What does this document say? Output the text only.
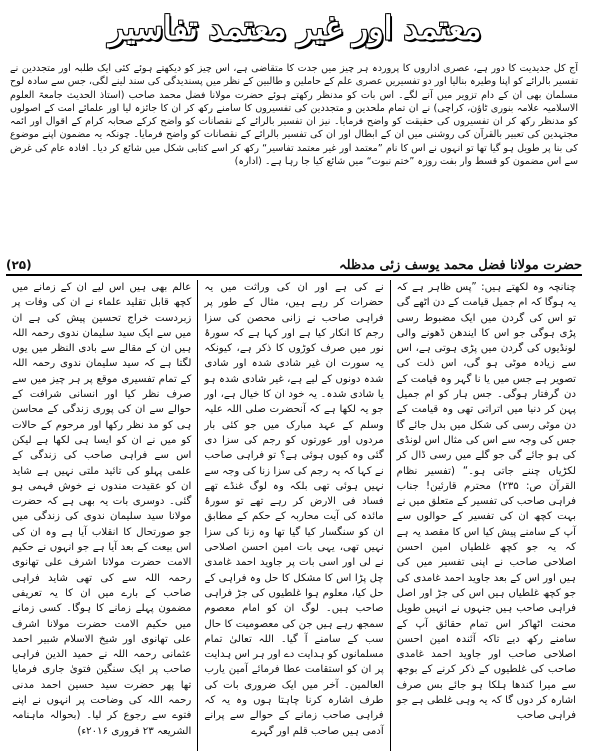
معتمد اور غیر معتمد تفاسیر
آج کل جدیدیت کا دور ہے، عصری اداروں کا پروردہ ہر چیز میں جدت کا متقاضی ہے، اس چیز کو دیکھتے ہوئے کئی ایک طلبہ اور متجددین نے تفسیر بالرائے کو اپنا وطیرہ بنالیا اور دو تفسیریں عصری علم کے حاملین و طالبین کے نظر میں پسندیدگی کی سند لینے لگی، جس سے سادہ لوح مسلمان بھی ان کے دام تزویر میں آنے لگے۔ اس بات کو مدنظر رکھتے ہوئے حضرت مولانا فضل محمد صاحب (استاذ الحدیث جامعۃ العلوم الاسلامیہ علامہ بنوری ٹاؤن، کراچی) نے ان تمام ملحدین و متجددین کی تفسیروں کا سامنے رکھ کر ان کا جائزہ لیا اور علمائے امت کے اصولوں کو مدنظر رکھ کر ان تفسیروں کی حقیقت کو واضح فرمایا۔ نیز ان تفسیر بالرائے کے نقصانات کو واضح کرکے صحابہ کرام کے اقوال اور ائمہ مجتہدین کی تعبیر بالقرآن کی روشنی میں ان کے ابطال اور ان کی تفسیر بالرائے کے نقصانات کو واضح فرمایا۔ چونکہ یہ مضمون اپنے موضوع کی بنا پر طویل ہو گیا تھا تو انہوں نے اس کا نام ”معتمد اور غیر معتمد تفاسیر“ رکھ کر اسے کتابی شکل میں شائع کر دیا۔ افادہ عام کی غرض سے اس مضمون کو قسط وار بفت روزہ ”ختم نبوت“ میں شائع کیا جا رہا ہے۔ (ادارہ)
حضرت مولانا فضل محمد یوسف زئی مدظلہ
(۲۵)

چنانچہ وہ لکھتے ہیں: ”پس ظاہر ہے کہ یہ ہوگا کہ ام جمیل قیامت کے دن اٹھے گی تو اس کی گردن میں ایک مضبوط رسی پڑی ہوگی جو اس کا ایندھن ڈھونے والی لونڈیوں کی گردن میں پڑی ہوتی ہے، اس سے زیادہ موٹی ہو گی، اس ذلت کی تصویر ہے جس میں یا نا گہر وہ قیامت کے دن گرفتار ہوگی۔ جس ہار کو ام جمیل پہن کر دنیا میں اتراتی تھی وہ قیامت کے دن موٹی رسی کی شکل میں بدل جائے گا جس کی وجہ سے اس کی مثال اس لونڈی کی ہو جائے گی جو گلے میں رسی ڈال کر لکڑیاں چننے جاتی ہو۔“ (تفسیر نظام القرآن ص: ۲۳۵) محترم قارئین! جناب فراہی صاحب کی تفسیر کے متعلق میں نے بہت کچھ ان کی تفسیر کے حوالوں سے آپ کے سامنے پیش کیا اس کا مقصد یہ ہے کہ یہ جو کچھ غلطیاں امین احسن اصلاحی صاحب نے اپنی تفسیر میں کی ہیں اور اس کے بعد جاوید احمد غامدی کی جو کچھ غلطیاں ہیں اس کی جڑ اور اصل فراہی صاحب ہیں جنہوں نے انہیں طویل محنت اٹھاکر اس تمام حقائق آپ کے سامنے رکھ دیے تاکہ آئندہ امین احسن اصلاحی صاحب اور جاوید احمد غامدی صاحب کی غلطیوں کے ذکر کرنے کے بوجھ سے میرا کندھا ہلکا ہو جائے بس صرف اشارہ کر دوں گا کہ یہ وہی غلطی ہے جو فراہی صاحب

نے کی ہے اور ان کی وراثت میں یہ حضرات کر رہے ہیں، مثال کے طور پر فراہی صاحب نے زانی محصن کی سزا رجم کا انکار کیا ہے اور کہا ہے کہ سورۂ نور میں صرف کوڑوں کا ذکر ہے، کیونکہ یہ سورت ان غیر شادی شدہ اور شادی شدہ دونوں کے لیے ہے، غیر شادی شدہ ہو یا شادی شدہ۔ یہ خود ان کا خیال ہے، اور جو یہ لکھا ہے کہ آنحضرت صلی اللہ علیہ وسلم کے عہد مبارک میں جو کئی بار مردوں اور عورتوں کو رجم کی سزا دی گئی وہ کیوں ہوئی ہے؟ تو فراہی صاحب نے کہا کہ یہ رجم کی سزا زنا کی وجہ سے نہیں ہوئی تھی بلکہ وہ لوگ غنڈے تھے فساد فی الارض کر رہے تھے تو سورۂ مائدہ کی آیت محاربہ کے حکم کے مطابق ان کو سنگسار کیا گیا تھا وہ زنا کی سزا نہیں تھی، یہی بات امین احسن اصلاحی نے لی اور اسی بات پر جاوید احمد غامدی چل پڑا اس کا مشکل کا حل وہ فراہی کے حل کیا، معلوم ہوا غلطیوں کی جڑ فراہی صاحب ہیں۔ لوگ ان کو امام معصوم سمجھ رہے ہیں جن کی معصومیت کا حال سب کے سامنے آ گیا۔ اللہ تعالیٰ تمام مسلمانوں کو ہدایت دے اور ہر اس ہدایت پر ان کو استقامت عطا فرمائے آمین یارب العالمین۔ آخر میں ایک ضروری بات کی طرف اشارہ کرنا چاہتا ہوں وہ یہ کہ فراہی صاحب زمانے کے حوالے سے پرانے آدمی ہیں صاحب قلم اور گہرے

عالم بھی ہیں اس لیے ان کے زمانے میں کچھ قابل تقلید علماء نے ان کی وفات پر زبردست خراج تحسین پیش کی ہے ان میں سے ایک سید سلیمان ندوی رحمہ اللہ ہیں ان کے مقالے سے بادی النظر میں یوں لگتا ہے کہ سید سلیمان ندوی رحمہ اللہ کے تمام تفسیری موقع پر ہر چیز میں سے صرف نظر کیا اور انسانی شرافت کے حوالے سے ان کی پوری زندگی کے محاسن ہی کو مد نظر رکھا اور مرحوم کے حالات کو میں نے ان کو ایسا ہی لکھا ہے لیکن اس سے فراہی صاحب کی زندگی کے علمی پہلو کی تائید ملتی نہیں ہے شاید ان کو عقیدت مندوں نے خوش فہمی ہو گئی۔ دوسری بات یہ بھی ہے کہ حضرت مولانا سید سلیمان ندوی کی زندگی میں جو صورتحال کا انقلاب آیا ہے وہ ان کی اس بیعت کے بعد آیا ہے جو انہوں نے حکیم الامت حضرت مولانا اشرف علی تھانوی رحمہ اللہ سے کی تھی شاید فراہی صاحب کے بارے میں ان کا یہ تعریفی مضمون پہلے زمانے کا ہوگا۔ کسی زمانے میں حکیم الامت حضرت مولانا اشرف علی تھانوی اور شیخ الاسلام شبیر احمد عثمانی رحمہ اللہ نے حمید الدین فراہی صاحب پر ایک سنگین فتویٰ جاری فرمایا تھا پھر حضرت سید حسین احمد مدنی رحمہ اللہ کی وضاحت پر انہوں نے اپنے فتوے سے رجوع کر لیا۔ (بحوالہ ماہنامہ الشریعہ ۲۳ فروری ۲۰۱۶ء)
